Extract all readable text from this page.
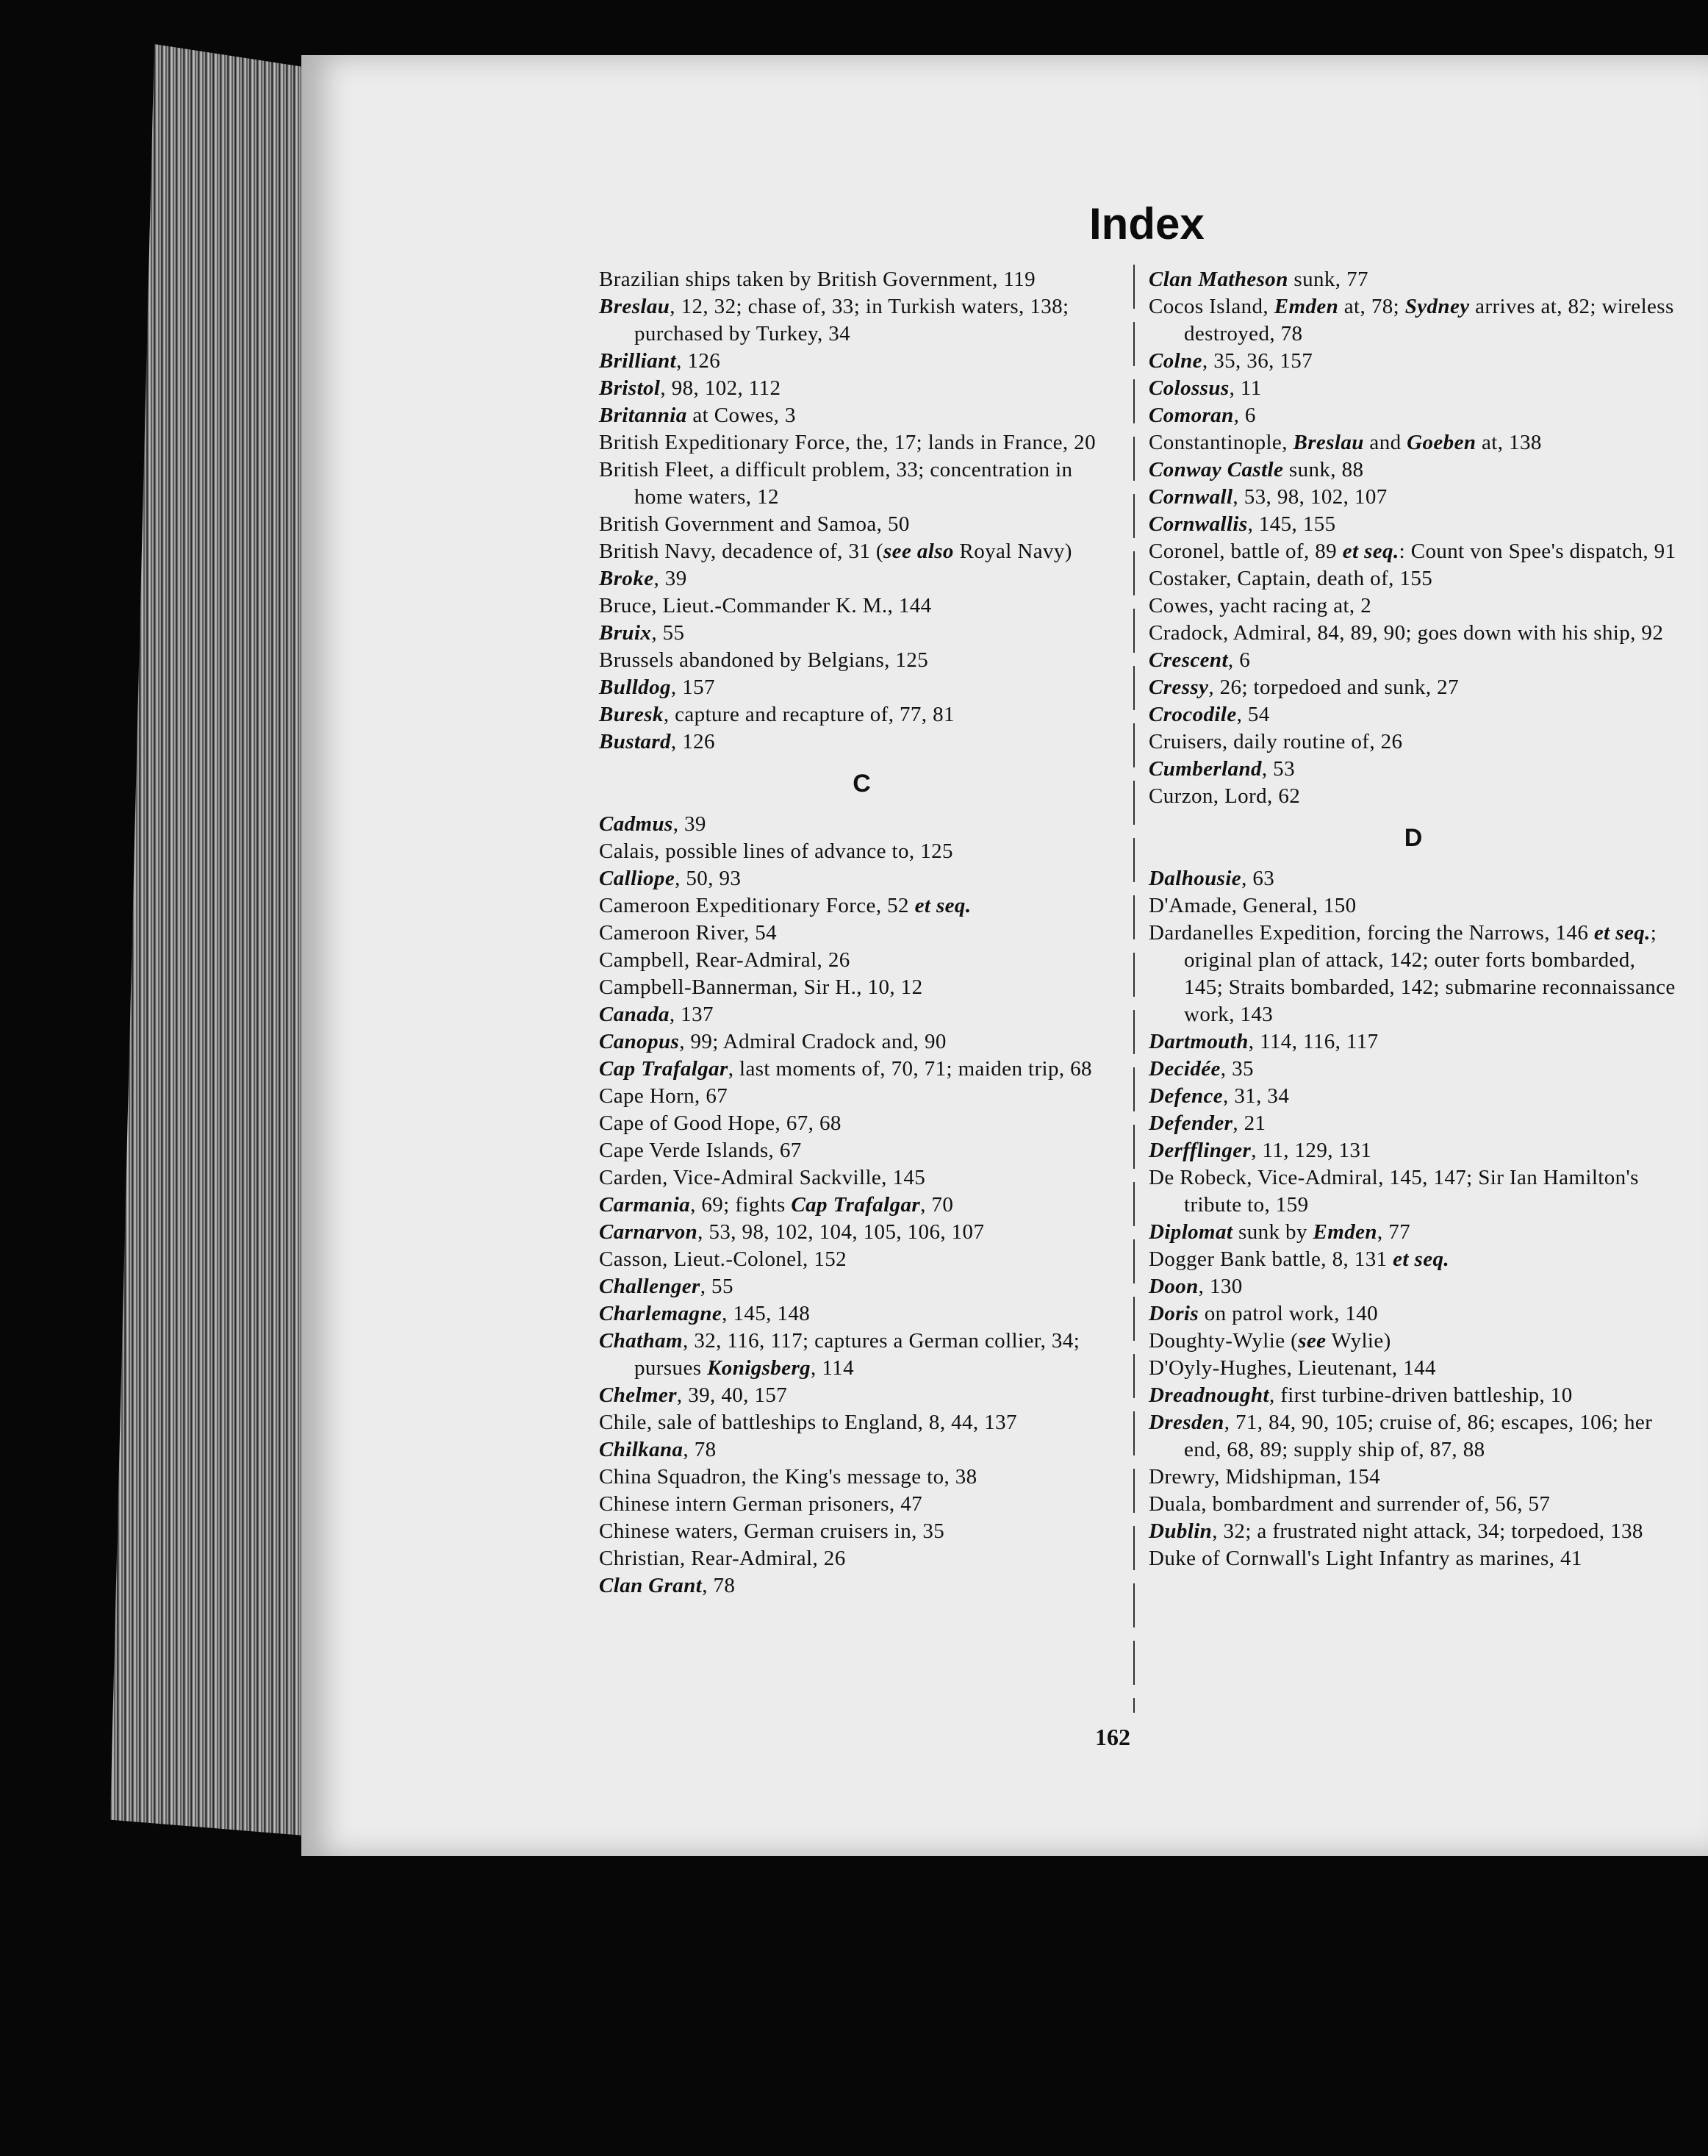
Index

Brazilian ships taken by British Government, 119

Breslau, 12, 32; chase of, 33; in Turkish waters, 138; purchased by Turkey, 34

Brilliant, 126

Bristol, 98, 102, 112

Britannia at Cowes, 3

British Expeditionary Force, the, 17; lands in France, 20

British Fleet, a difficult problem, 33; concentration in home waters, 12

British Government and Samoa, 50

British Navy, decadence of, 31 (see also Royal Navy)

Broke, 39

Bruce, Lieut.-Commander K. M., 144

Bruix, 55

Brussels abandoned by Belgians, 125

Bulldog, 157

Buresk, capture and recapture of, 77, 81

Bustard, 126

C

Cadmus, 39

Calais, possible lines of advance to, 125

Calliope, 50, 93

Cameroon Expeditionary Force, 52 et seq.

Cameroon River, 54

Campbell, Rear-Admiral, 26

Campbell-Bannerman, Sir H., 10, 12

Canada, 137

Canopus, 99; Admiral Cradock and, 90

Cap Trafalgar, last moments of, 70, 71; maiden trip, 68

Cape Horn, 67

Cape of Good Hope, 67, 68

Cape Verde Islands, 67

Carden, Vice-Admiral Sackville, 145

Carmania, 69; fights Cap Trafalgar, 70

Carnarvon, 53, 98, 102, 104, 105, 106, 107

Casson, Lieut.-Colonel, 152

Challenger, 55

Charlemagne, 145, 148

Chatham, 32, 116, 117; captures a German collier, 34; pursues Konigsberg, 114

Chelmer, 39, 40, 157

Chile, sale of battleships to England, 8, 44, 137

Chilkana, 78

China Squadron, the King's message to, 38

Chinese intern German prisoners, 47

Chinese waters, German cruisers in, 35

Christian, Rear-Admiral, 26

Clan Grant, 78

Clan Matheson sunk, 77

Cocos Island, Emden at, 78; Sydney arrives at, 82; wireless destroyed, 78

Colne, 35, 36, 157

Colossus, 11

Comoran, 6

Constantinople, Breslau and Goeben at, 138

Conway Castle sunk, 88

Cornwall, 53, 98, 102, 107

Cornwallis, 145, 155

Coronel, battle of, 89 et seq.: Count von Spee's dispatch, 91

Costaker, Captain, death of, 155

Cowes, yacht racing at, 2

Cradock, Admiral, 84, 89, 90; goes down with his ship, 92

Crescent, 6

Cressy, 26; torpedoed and sunk, 27

Crocodile, 54

Cruisers, daily routine of, 26

Cumberland, 53

Curzon, Lord, 62

D

Dalhousie, 63

D'Amade, General, 150

Dardanelles Expedition, forcing the Narrows, 146 et seq.; original plan of attack, 142; outer forts bombarded, 145; Straits bombarded, 142; submarine reconnaissance work, 143

Dartmouth, 114, 116, 117

Decidée, 35

Defence, 31, 34

Defender, 21

Derfflinger, 11, 129, 131

De Robeck, Vice-Admiral, 145, 147; Sir Ian Hamilton's tribute to, 159

Diplomat sunk by Emden, 77

Dogger Bank battle, 8, 131 et seq.

Doon, 130

Doris on patrol work, 140

Doughty-Wylie (see Wylie)

D'Oyly-Hughes, Lieutenant, 144

Dreadnought, first turbine-driven battleship, 10

Dresden, 71, 84, 90, 105; cruise of, 86; escapes, 106; her end, 68, 89; supply ship of, 87, 88

Drewry, Midshipman, 154

Duala, bombardment and surrender of, 56, 57

Dublin, 32; a frustrated night attack, 34; torpedoed, 138

Duke of Cornwall's Light Infantry as marines, 41

162
